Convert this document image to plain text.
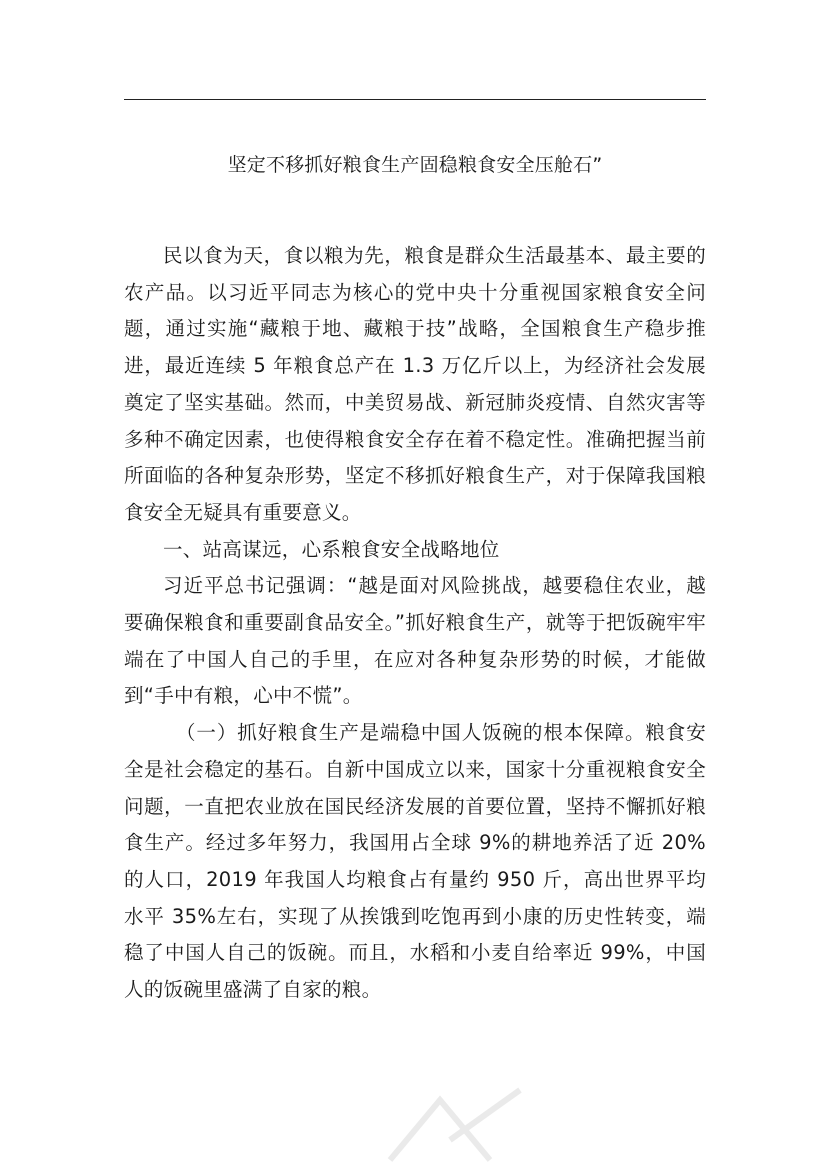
坚定不移抓好粮食生产固稳粮食安全压舱石”

民以食为天，食以粮为先，粮食是群众生活最基本、最主要的农产品。以习近平同志为核心的党中央十分重视国家粮食安全问题，通过实施“藏粮于地、藏粮于技”战略，全国粮食生产稳步推进，最近连续 5 年粮食总产在 1.3 万亿斤以上，为经济社会发展奠定了坚实基础。然而，中美贸易战、新冠肺炎疫情、自然灾害等多种不确定因素，也使得粮食安全存在着不稳定性。准确把握当前所面临的各种复杂形势，坚定不移抓好粮食生产，对于保障我国粮食安全无疑具有重要意义。

一、站高谋远，心系粮食安全战略地位

习近平总书记强调：“越是面对风险挑战，越要稳住农业，越要确保粮食和重要副食品安全。”抓好粮食生产，就等于把饭碗牢牢端在了中国人自己的手里，在应对各种复杂形势的时候，才能做到“手中有粮，心中不慌”。

（一）抓好粮食生产是端稳中国人饭碗的根本保障。粮食安全是社会稳定的基石。自新中国成立以来，国家十分重视粮食安全问题，一直把农业放在国民经济发展的首要位置，坚持不懈抓好粮食生产。经过多年努力，我国用占全球 9%的耕地养活了近 20%的人口，2019 年我国人均粮食占有量约 950 斤，高出世界平均水平 35%左右，实现了从挨饿到吃饱再到小康的历史性转变，端稳了中国人自己的饭碗。而且，水稻和小麦自给率近 99%，中国人的饭碗里盛满了自家的粮。
